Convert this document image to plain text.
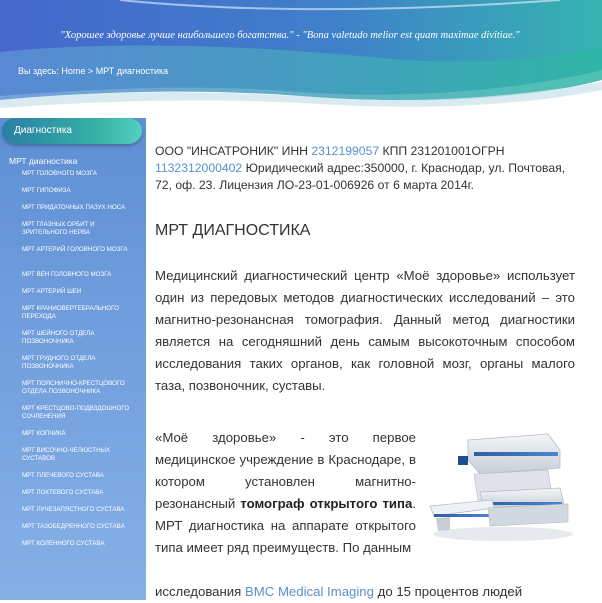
"Хорошее здоровье лучше наибольшего богатства." - "Bona valetudo melior est quam maximae divitiae."
Вы здесь: Home > МРТ диагностика
Диагностика
МРТ диагностика
МРТ ГОЛОВНОГО МОЗГА
МРТ ГИПОФИЗА
МРТ ПРИДАТОЧНЫХ ПАЗУХ НОСА
МРТ ГЛАЗНЫХ ОРБИТ И ЗРИТЕЛЬНОГО НЕРВА
МРТ АРТЕРИЙ ГОЛОВНОГО МОЗГА
МРТ ВЕН ГОЛОВНОГО МОЗГА
МРТ АРТЕРИЙ ШЕИ
МРТ КРАНИОВЕРТЕБРАЛЬНОГО ПЕРЕХОДА
МРТ ШЕЙНОГО ОТДЕЛА ПОЗВОНОЧНИКА
МРТ ГРУДНОГО ОТДЕЛА ПОЗВОНОЧНИКА
МРТ ПОЯСНИЧНО-КРЕСТЦОВОГО ОТДЕЛА ПОЗВОНОЧНИКА
МРТ КРЕСТЦОВО-ПОДВЗДОШНОГО СОЧЛЕНЕНИЯ
МРТ КОПЧИКА
МРТ ВИСОЧНО-ЧЕЛЮСТНЫХ СУСТАВОВ
МРТ ПЛЕЧЕВОГО СУСТАВА
МРТ ЛОКТЕВОГО СУСТАВА
МРТ ЛУЧЕЗАПЯСТНОГО СУСТАВА
МРТ ТАЗОБЕДРЕННОГО СУСТАВА
МРТ КОЛЕННОГО СУСТАВА
ООО "ИНСАТРОНИК" ИНН 2312199057 КПП 231201001ОГРН 1132312000402 Юридический адрес:350000, г. Краснодар, ул. Почтовая, 72, оф. 23. Лицензия ЛО-23-01-006926 от 6 марта 2014г.
МРТ ДИАГНОСТИКА
Медицинский диагностический центр «Моё здоровье» использует один из передовых методов диагностических исследований – это магнитно-резонансная томография. Данный метод диагностики является на сегодняшний день самым высокоточным способом исследования таких органов, как головной мозг, органы малого таза, позвоночник, суставы.
«Моё здоровье» - это первое медицинское учреждение в Краснодаре, в котором установлен магнитно-резонансный томограф открытого типа. МРТ диагностика на аппарате открытого типа имеет ряд преимуществ. По данным
исследования BMC Medical Imaging до 15 процентов людей
